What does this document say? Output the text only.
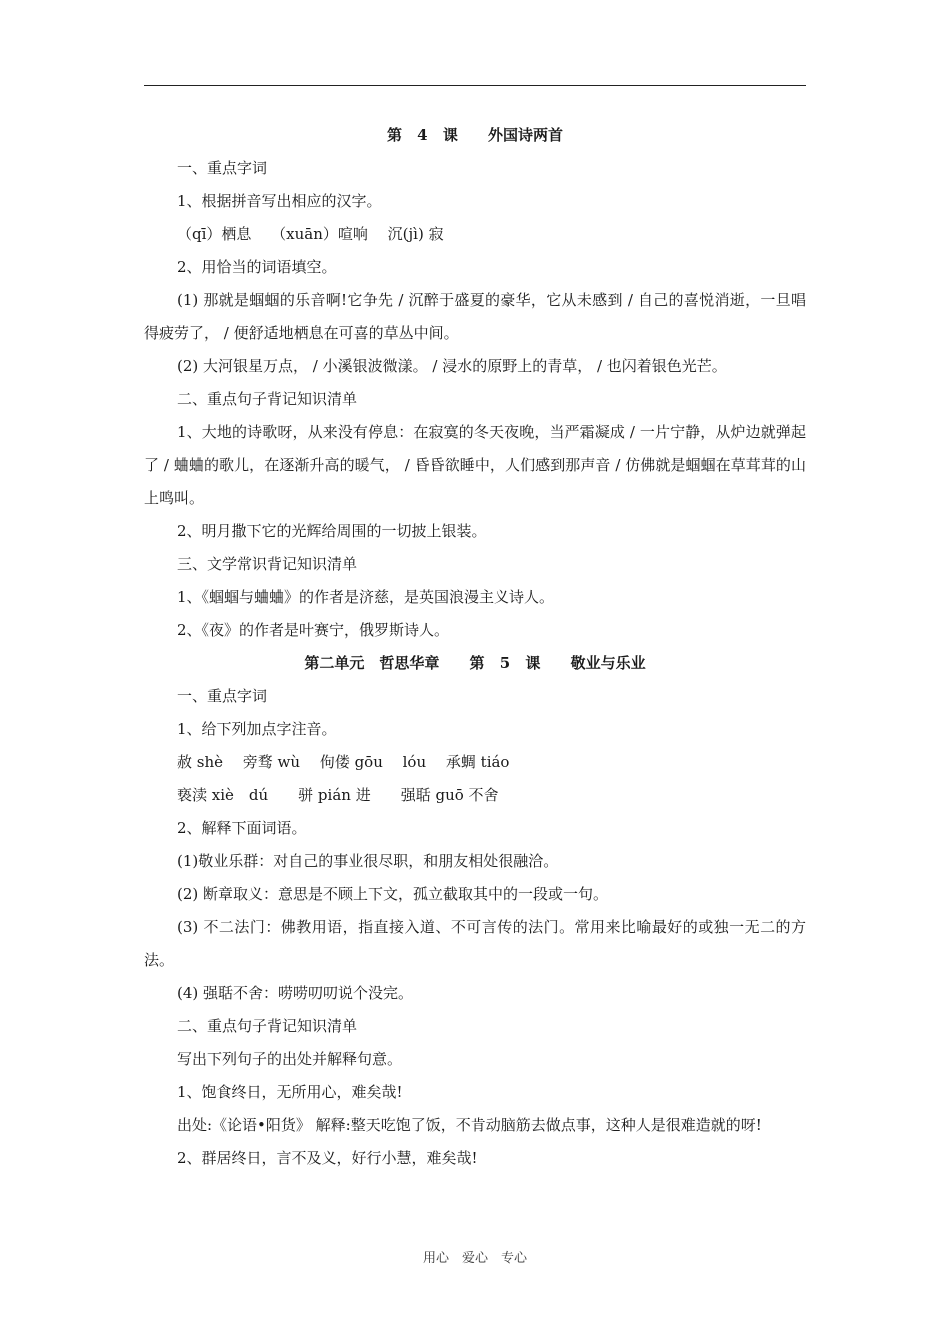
第 4 课　 外国诗两首
一、重点字词
1、根据拼音写出相应的汉字。
（qī）栖息　 （xuān）喧响　 沉(jì) 寂
2、用恰当的词语填空。
(1) 那就是蝈蝈的乐音啊!它争先 / 沉醉于盛夏的豪华，它从未感到 / 自己的喜悦消逝，一旦唱得疲劳了， / 便舒适地栖息在可喜的草丛中间。
(2) 大河银星万点， / 小溪银波微漾。 / 浸水的原野上的青草， / 也闪着银色光芒。
二、重点句子背记知识清单
1、大地的诗歌呀，从来没有停息：在寂寞的冬天夜晚，当严霜凝成 / 一片宁静，从炉边就弹起了 / 蛐蛐的歌儿，在逐渐升高的暖气， / 昏昏欲睡中，人们感到那声音 / 仿佛就是蝈蝈在草茸茸的山上鸣叫。
2、明月撒下它的光辉给周围的一切披上银装。
三、文学常识背记知识清单
1、《蝈蝈与蛐蛐》的作者是济慈，是英国浪漫主义诗人。
2、《夜》的作者是叶赛宁，俄罗斯诗人。
第二单元　哲思华章　 第 5 课　 敬业与乐业
一、重点字词
1、给下列加点字注音。
赦 shè　 旁骛 wù　 佝偻 gōu　 lóu　 承蜩 tiáo
亵渎 xiè　dú　　骈 pián 进　　强聒 guō 不舍
2、解释下面词语。
(1)敬业乐群：对自己的事业很尽职，和朋友相处很融洽。
(2) 断章取义：意思是不顾上下文，孤立截取其中的一段或一句。
(3) 不二法门：佛教用语，指直接入道、不可言传的法门。常用来比喻最好的或独一无二的方法。
(4) 强聒不舍：唠唠叨叨说个没完。
二、重点句子背记知识清单
写出下列句子的出处并解释句意。
1、饱食终日，无所用心，难矣哉!
出处:《论语•阳货》 解释:整天吃饱了饭，不肯动脑筋去做点事，这种人是很难造就的呀!
2、群居终日，言不及义，好行小慧，难矣哉!
用心　爱心　专心
